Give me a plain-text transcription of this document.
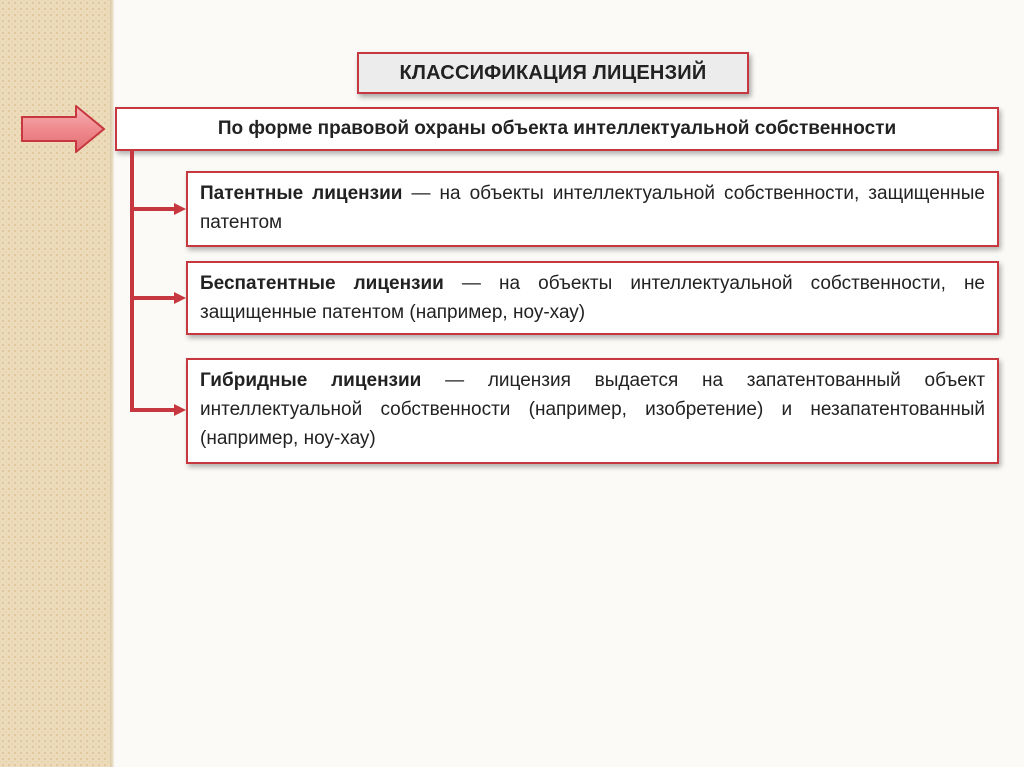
КЛАССИФИКАЦИЯ ЛИЦЕНЗИЙ
По форме правовой охраны объекта интеллектуальной собственности
Патентные лицензии — на объекты интеллектуальной собственности, защищенные патентом
Беспатентные лицензии — на объекты интеллектуальной собственности, не защищенные патентом (например, ноу-хау)
Гибридные лицензии — лицензия выдается на запатентованный объект интеллектуальной собственности (например, изобретение) и незапатентованный (например, ноу-хау)
